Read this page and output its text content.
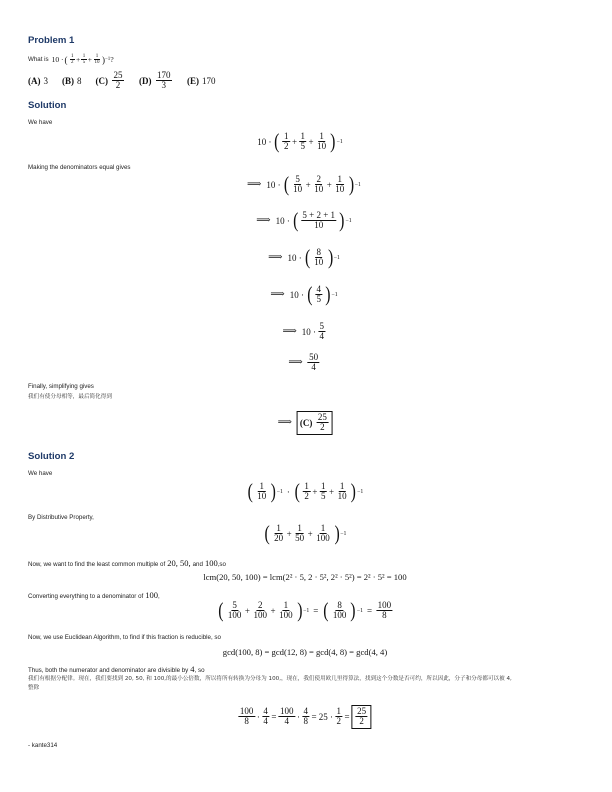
Problem 1
What is 10 · ( $\frac{1}{2} + \frac{1}{5} + \frac{1}{10}$ ) −1 ?
(A) 3 (B) 8 $(C) \frac{25}{2} (D) \frac{170}{3} (E)$ 170
Solution
We have
10 · ( $\frac{1}{2} + \frac{1}{5} + \frac{1}{10}$ ) −1
Making the denominators equal gives
⟹ 10 · ( $\frac{5}{10} + \frac{2}{10} + \frac{1}{10}$ ) −1
⟹ 10 · ( $\frac{5 + 2 + 1}{10}$ ) −1
⟹ 10 · ( $\frac{8}{10}$ ) −1
⟹ 10 · ( $\frac{4}{5}$ ) −1
⟹ $10 \cdot \frac{5}{4}$
⟹ $\frac{50}{4}$
Finally, simplifying gives
我们有使分母相等，最后简化得到
⟹ $(C) \frac{25}{2}$
Solution 2
We have
( $\frac{1}{10}$ ) −1 · ( $\frac{1}{2} + \frac{1}{5} + \frac{1}{10}$ ) −1
By Distributive Property,
( $\frac{1}{20} + \frac{1}{50} + \frac{1}{100}$ ) −1
Now, we want to find the least common multiple of 20, 50, and 100 ,so
lcm(20, 50, 100) = lcm(2² · 5, 2 · 5², 2² · 5²) = 2² · 5² = 100
Converting everything to a denominator of 100 ,
( $\frac{5}{100} + \frac{2}{100} + \frac{1}{100}$ ) −1 = ( $\frac{8}{100}$ ) $-1 = \frac{100}{8}$
Now, we use Euclidean Algorithm, to find if this fraction is reducible, so
gcd(100, 8) = gcd(12, 8) = gcd(4, 8) = gcd(4, 4)
Thus, both the numerator and denominator are divisible by 4 , so
我们有根据分配律。现在，我们要找到 20, 50, 和 100,的最小公倍数，所以将所有转换为分母为 100,，现在，我们使用欧几里得算法，找到这个分数是否可约，所以因此，分子和分母都可以被 4,
整除
$\frac{100}{8} \cdot \frac{4}{4} = \frac{100}{4} \cdot \frac{4}{8} = 25 \cdot \frac{1}{2} = \frac{25}{2}$
- kante314
